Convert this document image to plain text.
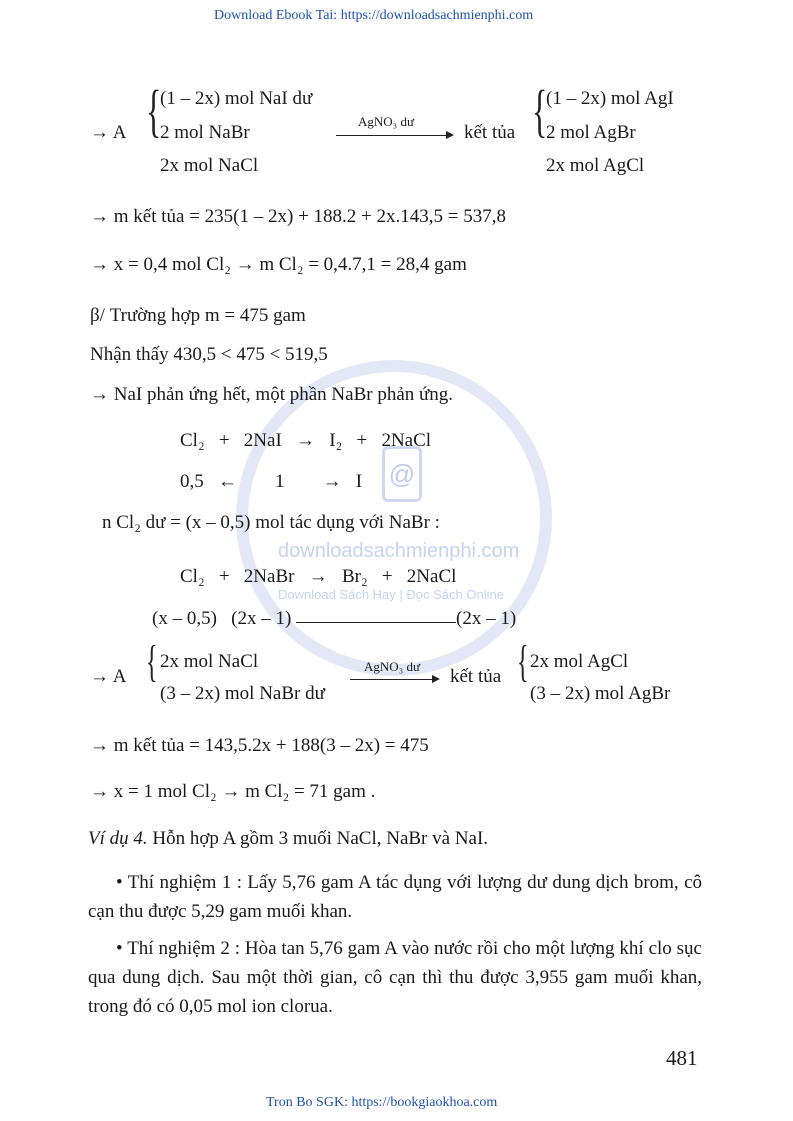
Download Ebook Tai: https://downloadsachmienphi.com
Tron Bo SGK: https://bookgiaokhoa.com
@
downloadsachmienphi.com
Download Sách Hay | Đọc Sách Online
→ A {
(1 – 2x) mol NaI dư
2 mol NaBr
2x mol NaCl
AgNO₃ dư
kết tủa {
(1 – 2x) mol AgI
2 mol AgBr
2x mol AgCl
→ m kết tủa = 235(1 – 2x) + 188.2 + 2x.143,5 = 537,8
→ x = 0,4 mol Cl₂ → m Cl₂ = 0,4.7,1 = 28,4 gam
β/ Trường hợp m = 475 gam
Nhận thấy 430,5 < 475 < 519,5
→ NaI phản ứng hết, một phần NaBr phản ứng.
Cl₂   +   2NaI   →   I₂   +   2NaCl
0,5   ←        1        →   I
n Cl₂ dư = (x – 0,5) mol tác dụng với NaBr :
Cl₂   +   2NaBr   →   Br₂   +   2NaCl
(x – 0,5)   (2x – 1)	(2x – 1)
→ A { 2x mol NaCl
(3 – 2x) mol NaBr dư
AgNO₃ dư kết tủa { 2x mol AgCl
(3 – 2x) mol AgBr
→ m kết tủa = 143,5.2x + 188(3 – 2x) = 475
→ x = 1 mol Cl₂ → m Cl₂ = 71 gam .
Ví dụ 4. Hỗn hợp A gồm 3 muối NaCl, NaBr và NaI.
• Thí nghiệm 1 : Lấy 5,76 gam A tác dụng với lượng dư dung dịch brom, cô cạn thu được 5,29 gam muối khan.
• Thí nghiệm 2 : Hòa tan 5,76 gam A vào nước rồi cho một lượng khí clo sục qua dung dịch. Sau một thời gian, cô cạn thì thu được 3,955 gam muối khan, trong đó có 0,05 mol ion clorua.
481
